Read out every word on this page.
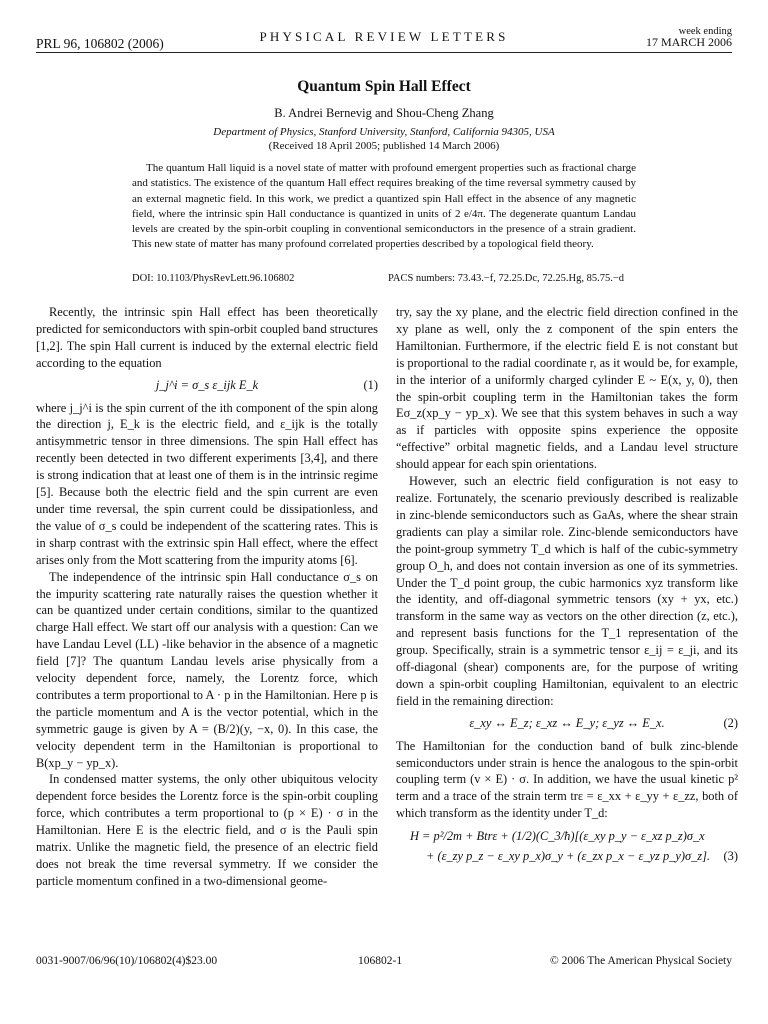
PRL 96, 106802 (2006)	PHYSICAL REVIEW LETTERS	week ending
17 MARCH 2006
Quantum Spin Hall Effect
B. Andrei Bernevig and Shou-Cheng Zhang
Department of Physics, Stanford University, Stanford, California 94305, USA
(Received 18 April 2005; published 14 March 2006)
The quantum Hall liquid is a novel state of matter with profound emergent properties such as fractional charge and statistics. The existence of the quantum Hall effect requires breaking of the time reversal symmetry caused by an external magnetic field. In this work, we predict a quantized spin Hall effect in the absence of any magnetic field, where the intrinsic spin Hall conductance is quantized in units of 2 e/4π. The degenerate quantum Landau levels are created by the spin-orbit coupling in conventional semiconductors in the presence of a strain gradient. This new state of matter has many profound correlated properties described by a topological field theory.
DOI: 10.1103/PhysRevLett.96.106802	PACS numbers: 73.43.−f, 72.25.Dc, 72.25.Hg, 85.75.−d

Recently, the intrinsic spin Hall effect has been theoretically predicted for semiconductors with spin-orbit coupled band structures [1,2]. The spin Hall current is induced by the external electric field according to the equation

j_j^i = σ_s ε_ijk E_k	(1)

where j_j^i is the spin current of the ith component of the spin along the direction j, E_k is the electric field, and ε_ijk is the totally antisymmetric tensor in three dimensions. The spin Hall effect has recently been detected in two different experiments [3,4], and there is strong indication that at least one of them is in the intrinsic regime [5]. Because both the electric field and the spin current are even under time reversal, the spin current could be dissipationless, and the value of σ_s could be independent of the scattering rates. This is in sharp contrast with the extrinsic spin Hall effect, where the effect arises only from the Mott scattering from the impurity atoms [6].

The independence of the intrinsic spin Hall conductance σ_s on the impurity scattering rate naturally raises the question whether it can be quantized under certain conditions, similar to the quantized charge Hall effect. We start off our analysis with a question: Can we have Landau Level (LL) -like behavior in the absence of a magnetic field [7]? The quantum Landau levels arise physically from a velocity dependent force, namely, the Lorentz force, which contributes a term proportional to A · p in the Hamiltonian. Here p is the particle momentum and A is the vector potential, which in the symmetric gauge is given by A = (B/2)(y, −x, 0). In this case, the velocity dependent term in the Hamiltonian is proportional to B(xp_y − yp_x).

In condensed matter systems, the only other ubiquitous velocity dependent force besides the Lorentz force is the spin-orbit coupling force, which contributes a term proportional to (p × E) · σ in the Hamiltonian. Here E is the electric field, and σ is the Pauli spin matrix. Unlike the magnetic field, the presence of an electric field does not break the time reversal symmetry. If we consider the particle momentum confined in a two-dimensional geome-

try, say the xy plane, and the electric field direction confined in the xy plane as well, only the z component of the spin enters the Hamiltonian. Furthermore, if the electric field E is not constant but is proportional to the radial coordinate r, as it would be, for example, in the interior of a uniformly charged cylinder E ~ E(x, y, 0), then the spin-orbit coupling term in the Hamiltonian takes the form Eσ_z(xp_y − yp_x). We see that this system behaves in such a way as if particles with opposite spins experience the opposite “effective” orbital magnetic fields, and a Landau level structure should appear for each spin orientations.

However, such an electric field configuration is not easy to realize. Fortunately, the scenario previously described is realizable in zinc-blende semiconductors such as GaAs, where the shear strain gradients can play a similar role. Zinc-blende semiconductors have the point-group symmetry T_d which is half of the cubic-symmetry group O_h, and does not contain inversion as one of its symmetries. Under the T_d point group, the cubic harmonics xyz transform like the identity, and off-diagonal symmetric tensors (xy + yx, etc.) transform in the same way as vectors on the other direction (z, etc.), and represent basis functions for the T_1 representation of the group. Specifically, strain is a symmetric tensor ε_ij = ε_ji, and its off-diagonal (shear) components are, for the purpose of writing down a spin-orbit coupling Hamiltonian, equivalent to an electric field in the remaining direction:

ε_xy ↔ E_z; ε_xz ↔ E_y; ε_yz ↔ E_x.	(2)

The Hamiltonian for the conduction band of bulk zinc-blende semiconductors under strain is hence the analogous to the spin-orbit coupling term (v × E) · σ. In addition, we have the usual kinetic p² term and a trace of the strain term trε = ε_xx + ε_yy + ε_zz, both of which transform as the identity under T_d:

H = p²/2m + Btrε + (1/2)(C_3/ħ)[(ε_xy p_y − ε_xz p_z)σ_x
+ (ε_zy p_z − ε_xy p_x)σ_y + (ε_zx p_x − ε_yz p_y)σ_z]. (3)
0031-9007/06/96(10)/106802(4)$23.00	106802-1	© 2006 The American Physical Society
